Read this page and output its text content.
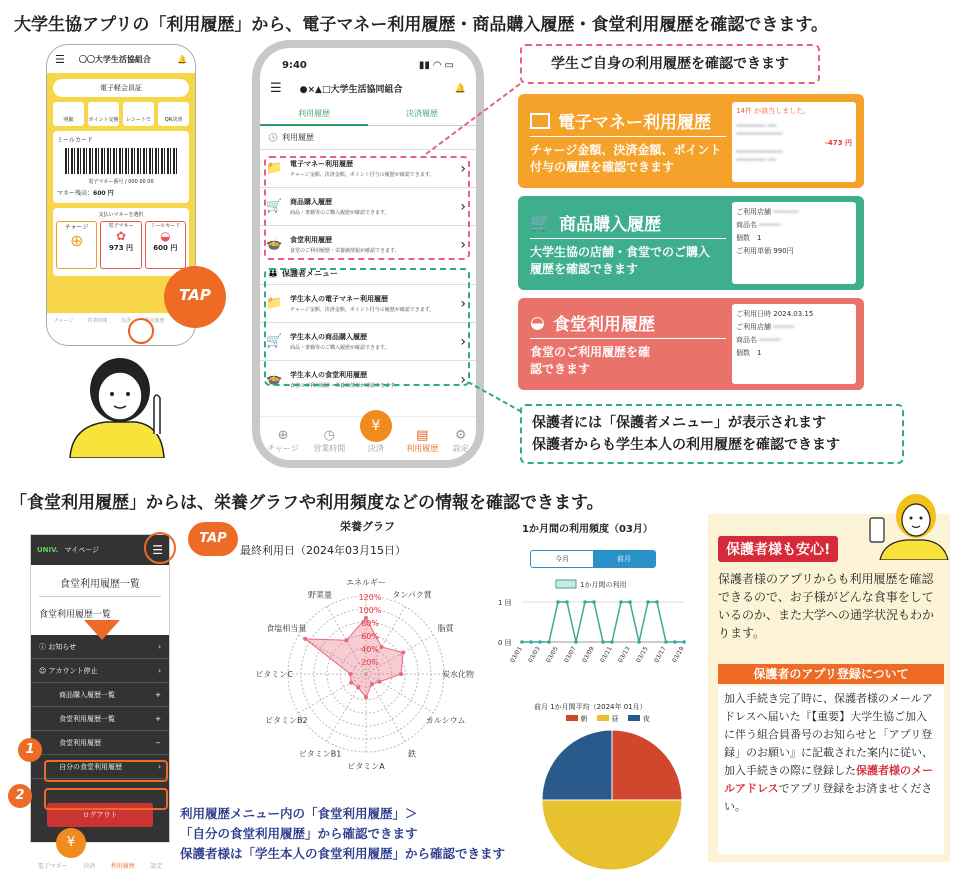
大学生協アプリの「利用履歴」から、電子マネー利用履歴・商品購入履歴・食堂利用履歴を確認できます。
☰ 〇〇大学生活協組合	🔔
電子軽会員証
明細	ポイント交換	レシートで	QR決済
ミールカード
電子マネー番号 / 000 00 00
マネー残高：600 円
支払いマネーを選択
チャージ
⊕
電子マネー
✿
973 円
ミールカード
◒
600 円
チャージ	営業時間	決済	利用履歴
TAP
9:40	▮▮ ◠ ▭
☰ ●×▲□大学生活協同組合	🔔
利用履歴	決済履歴
🕓 利用履歴
📁 電子マネー利用履歴
チャージ金額、決済金額、ポイント付与の履歴が確認できます。	›
🛒 商品購入履歴
商品・書籍等のご購入履歴が確認できます。	›
🍲 食堂利用履歴
食堂のご利用履歴・栄養価情報が確認できます。	›
👪 保護者メニュー
📁 学生本人の電子マネー利用履歴
チャージ金額、決済金額、ポイント付与の履歴が確認できます。	›
🛒 学生本人の商品購入履歴
商品・書籍等のご購入履歴が確認できます。	›
🍲 学生本人の食堂利用履歴
食堂のご利用履歴・栄養価情報が確認できます。	›
⊕
チャージ
◷
営業時間
¥
決済
▤
利用履歴
⚙
設定
学生ご自身の利用履歴を確認できます
電子マネー利用履歴
チャージ金額、決済金額、ポイント付与の履歴を確認できます
14件 が該当しました。
━━━━━━━ ━━
━━━━━━━━━━━
-473 円
━━━━━━━━━━━
━━━━━━━ ━━
🛒 商品購入履歴
大学生協の店舗・食堂でのご購入履歴を確認できます
ご利用店舗 ━━━━━━
商品名 ━━━━━
個数　 1
ご利用単価 990円
◒ 食堂利用履歴
食堂のご利用履歴を確認できます
ご利用日時 2024.03.15
ご利用店舗 ━━━━━
商品名 ━━━━━
個数　 1
保護者には「保護者メニュー」が表示されます
保護者からも学生本人の利用履歴を確認できます
「食堂利用履歴」からは、栄養グラフや利用頻度などの情報を確認できます。
UNIV. マイページ	☰
食堂利用履歴一覧
食堂利用履歴一覧
ⓘ
お知らせ	›
☺
アカウント停止	›
商品購入履歴一覧	+
食堂利用履歴一覧	+
食堂利用履歴	−
自分の食堂利用履歴	›
ログアウト
1
2
TAP
電子マネー	決済	利用履歴	設定
¥
栄養グラフ
最終利用日（2024年03月15日）
エネルギー
タンパク質
脂質
炭水化物
カルシウム
鉄
ビタミンA
ビタミンB1
ビタミンB2
ビタミンC
食塩相当量
野菜量	120%
100%
80%
60%
40%
20%
利用履歴メニュー内の「食堂利用履歴」＞
「自分の食堂利用履歴」から確認できます
保護者様は「学生本人の食堂利用履歴」から確認できます
1か月間の利用頻度（03月）
今月	前月
1か月間の利用
1 回
0 回
03/01 03/03 03/05 03/07 03/09 03/11 03/13 03/15 03/17 03/19
前月 1か月間平均（2024年 01月）
朝	昼	夜
保護者様も安心!
保護者様のアプリからも利用履歴を確認できるので、お子様がどんな食事をしているのか、また大学への通学状況もわかります。
保護者のアプリ登録について
加入手続き完了時に、保護者様のメールアドレスへ届いた『【重要】大学生協ご加入に伴う組合員番号のお知らせと「アプリ登録」のお願い』に記載された案内に従い、加入手続きの際に登録した保護者様のメールアドレスでアプリ登録をお済ませください。
